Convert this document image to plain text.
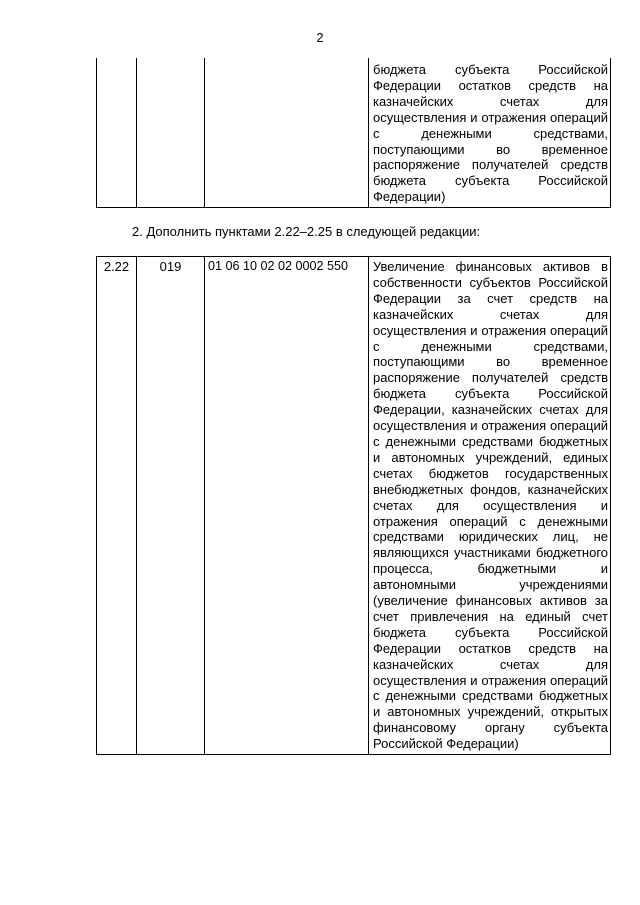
2
			бюджета субъекта Российской Федерации остатков средств на казначейских счетах для осуществления и отражения операций с денежными средствами, поступающими во временное распоряжение получателей средств бюджета субъекта Российской Федерации)
2. Дополнить пунктами 2.22–2.25 в следующей редакции:
2.22	019	01 06 10 02 02 0002 550	Увеличение финансовых активов в собственности субъектов Российской Федерации за счет средств на казначейских счетах для осуществления и отражения операций с денежными средствами, поступающими во временное распоряжение получателей средств бюджета субъекта Российской Федерации, казначейских счетах для осуществления и отражения операций с денежными средствами бюджетных и автономных учреждений, единых счетах бюджетов государственных внебюджетных фондов, казначейских счетах для осуществления и отражения операций с денежными средствами юридических лиц, не являющихся участниками бюджетного процесса, бюджетными и автономными учреждениями (увеличение финансовых активов за счет привлечения на единый счет бюджета субъекта Российской Федерации остатков средств на казначейских счетах для осуществления и отражения операций с денежными средствами бюджетных и автономных учреждений, открытых финансовому органу субъекта Российской Федерации)
